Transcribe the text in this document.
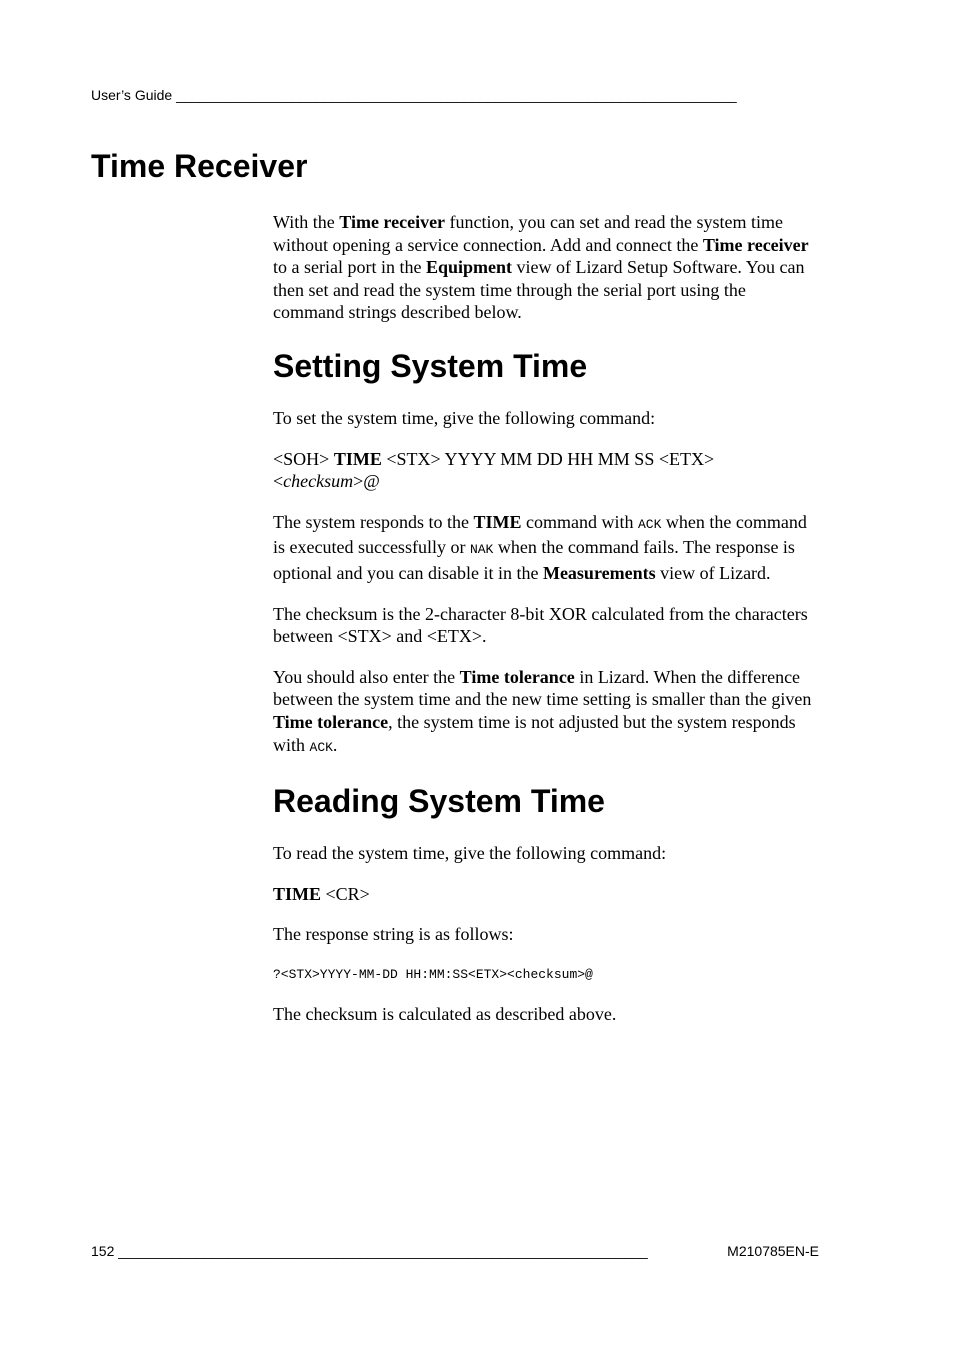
User’s Guide ________________________________________________________________________
Time Receiver

With the Time receiver function, you can set and read the system time without opening a service connection. Add and connect the Time receiver to a serial port in the Equipment view of Lizard Setup Software. You can then set and read the system time through the serial port using the command strings described below.

Setting System Time

To set the system time, give the following command:

<SOH> TIME <STX> YYYY MM DD HH MM SS <ETX> <checksum>@

The system responds to the TIME command with ACK when the command is executed successfully or NAK when the command fails. The response is optional and you can disable it in the Measurements view of Lizard.

The checksum is the 2-character 8-bit XOR calculated from the characters between <STX> and <ETX>.

You should also enter the Time tolerance in Lizard. When the difference between the system time and the new time setting is smaller than the given Time tolerance, the system time is not adjusted but the system responds with ACK.

Reading System Time

To read the system time, give the following command:

TIME <CR>

The response string is as follows:

?<STX>YYYY-MM-DD HH:MM:SS<ETX><checksum>@

The checksum is calculated as described above.

152 ____________________________________________________________________	M210785EN-E
